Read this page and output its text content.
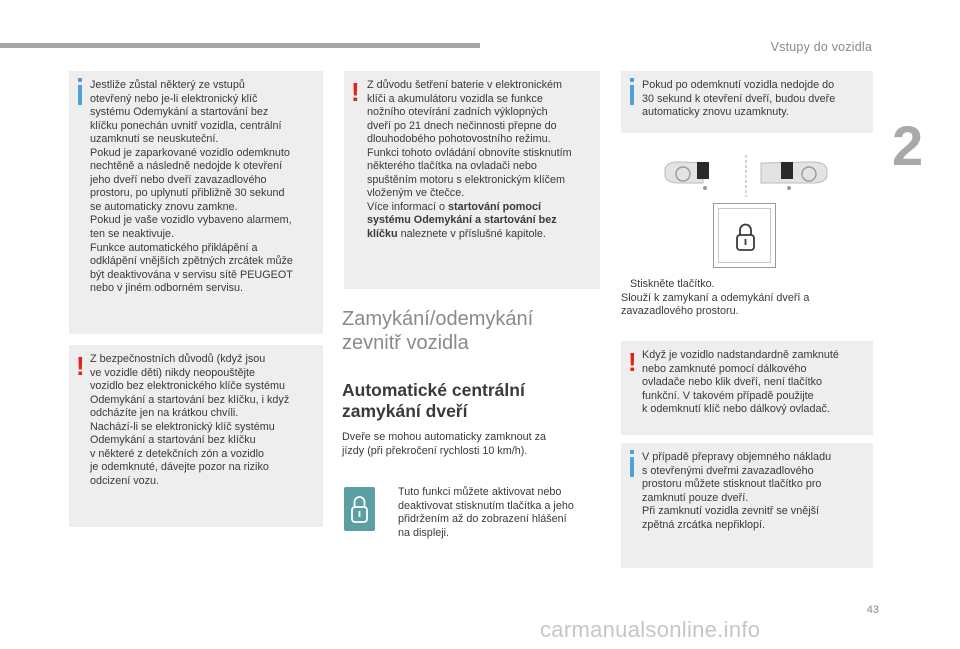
Vstupy do vozidla
2

Jestliže zůstal některý ze vstupů

otevřený nebo je-li elektronický klíč

systému Odemykání a startování bez

klíčku ponechán uvnitř vozidla, centrální

uzamknutí se neuskuteční.

Pokud je zaparkované vozidlo odemknuto

nechtěně a následně nedojde k otevření

jeho dveří nebo dveří zavazadlového

prostoru, po uplynutí přibližně 30 sekund

se automaticky znovu zamkne.

Pokud je vaše vozidlo vybaveno alarmem,

ten se neaktivuje.

Funkce automatického přiklápění a

odklápění vnějších zpětných zrcátek může

být deaktivována v servisu sítě PEUGEOT

nebo v jiném odborném servisu.

! Z bezpečnostních důvodů (když jsou

ve vozidle děti) nikdy neopouštějte

vozidlo bez elektronického klíče systému

Odemykání a startování bez klíčku, i když

odcházíte jen na krátkou chvíli.

Nachází-li se elektronický klíč systému

Odemykání a startování bez klíčku

v některé z detekčních zón a vozidlo

je odemknuté, dávejte pozor na riziko

odcizení vozu.

! Z důvodu šetření baterie v elektronickém

klíči a akumulátoru vozidla se funkce

nožního otevírání zadních výklopných

dveří po 21 dnech nečinnosti přepne do

dlouhodobého pohotovostního režimu.

Funkci tohoto ovládání obnovíte stisknutím

některého tlačítka na ovladači nebo

spuštěním motoru s elektronickým klíčem

vloženým ve čtečce.

Více informací o startování pomocí

systému Odemykání a startování bez

klíčku naleznete v příslušné kapitole.

Zamykání/odemykání
zevnitř vozidla
Automatické centrální
zamykání dveří
Dveře se mohou automaticky zamknout za
jízdy (při překročení rychlosti 10 km/h).
Tuto funkci můžete aktivovat nebo
deaktivovat stisknutím tlačítka a jeho
přidržením až do zobrazení hlášení
na displeji.

Pokud po odemknutí vozidla nedojde do

30 sekund k otevření dveří, budou dveře

automaticky znovu uzamknuty.

Stiskněte tlačítko.
Slouží k zamykaní a odemykání dveří a
zavazadlového prostoru.
! Když je vozidlo nadstandardně zamknuté

nebo zamknuté pomocí dálkového

ovladače nebo klik dveří, není tlačítko

funkční. V takovém případě použijte

k odemknutí klíč nebo dálkový ovladač.

V případě přepravy objemného nákladu

s otevřenými dveřmi zavazadlového

prostoru můžete stisknout tlačítko pro

zamknutí pouze dveří.

Při zamknutí vozidla zevnitř se vnější

zpětná zrcátka nepřiklopí.

43
carmanualsonline.info
